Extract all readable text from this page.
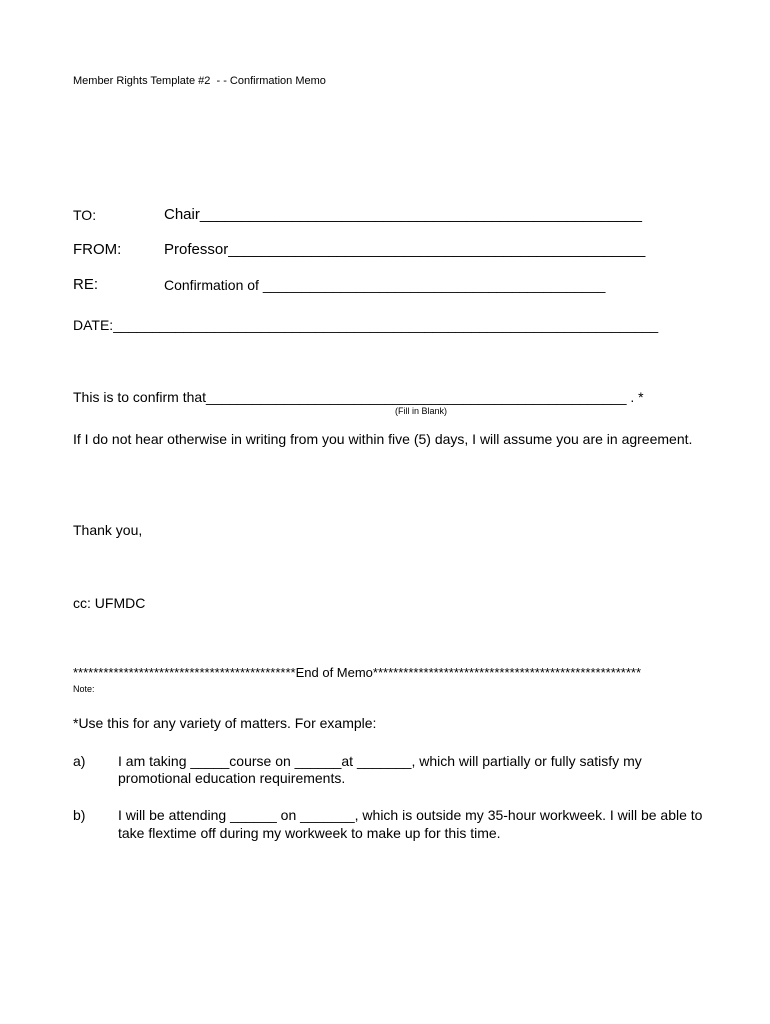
Member Rights Template #2  - - Confirmation Memo
TO:	Chair_____________________________________________________
FROM:	Professor__________________________________________________
RE:	Confirmation of ____________________________________________
DATE:______________________________________________________________________
This is to confirm that______________________________________________________ . *
(Fill in Blank)
If I do not hear otherwise in writing from you within five (5) days, I will assume you are in agreement.
Thank you,
cc: UFMDC
********************************************End of Memo*****************************************************
Note:
*Use this for any variety of matters. For example:
a) I am taking _____course on ______at _______, which will partially or fully satisfy my
promotional education requirements.
b) I will be attending ______ on _______, which is outside my 35-hour workweek. I will be able to
take flextime off during my workweek to make up for this time.
